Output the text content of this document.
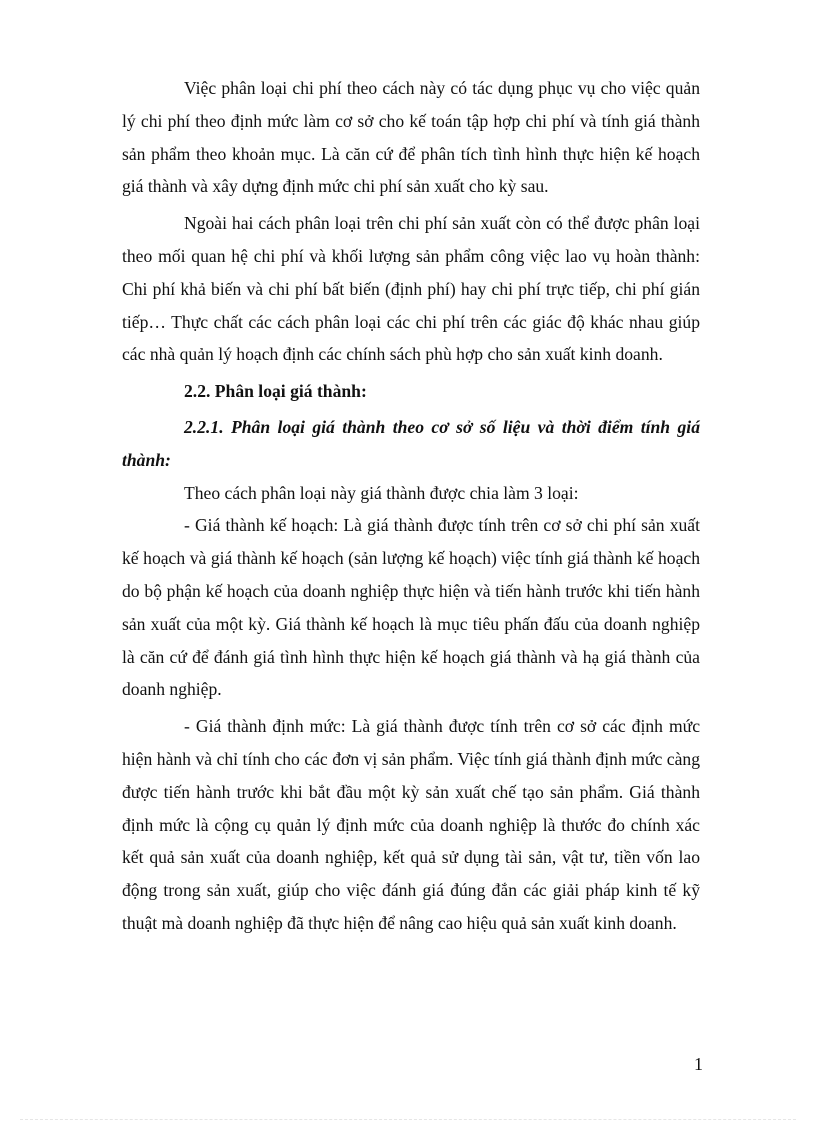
Việc phân loại chi phí theo cách này có tác dụng phục vụ cho việc quản lý chi phí theo định mức làm cơ sở cho kế toán tập hợp chi phí và tính giá thành sản phẩm theo khoản mục. Là căn cứ để phân tích tình hình thực hiện kế hoạch giá thành và xây dựng định mức chi phí sản xuất cho kỳ sau.

Ngoài hai cách phân loại trên chi phí sản xuất còn có thể được phân loại theo mối quan hệ chi phí và khối lượng sản phẩm công việc lao vụ hoàn thành: Chi phí khả biến và chi phí bất biến (định phí) hay chi phí trực tiếp, chi phí gián tiếp… Thực chất các cách phân loại các chi phí trên các giác độ khác nhau giúp các nhà quản lý hoạch định các chính sách phù hợp cho sản xuất kinh doanh.

2.2. Phân loại giá thành:

2.2.1. Phân loại giá thành theo cơ sở số liệu và thời điểm tính giá thành:

Theo cách phân loại này giá thành được chia làm 3 loại:

- Giá thành kế hoạch: Là giá thành được tính trên cơ sở chi phí sản xuất kế hoạch và giá thành kế hoạch (sản lượng kế hoạch) việc tính giá thành kế hoạch do bộ phận kế hoạch của doanh nghiệp thực hiện và tiến hành trước khi tiến hành sản xuất của một kỳ. Giá thành kế hoạch là mục tiêu phấn đấu của doanh nghiệp là căn cứ để đánh giá tình hình thực hiện kế hoạch giá thành và hạ giá thành của doanh nghiệp.

- Giá thành định mức: Là giá thành được tính trên cơ sở các định mức hiện hành và chỉ tính cho các đơn vị sản phẩm. Việc tính giá thành định mức càng được tiến hành trước khi bắt đầu một kỳ sản xuất chế tạo sản phẩm. Giá thành định mức là cộng cụ quản lý định mức của doanh nghiệp là thước đo chính xác kết quả sản xuất của doanh nghiệp, kết quả sử dụng tài sản, vật tư, tiền vốn lao động trong sản xuất, giúp cho việc đánh giá đúng đắn các giải pháp kinh tế kỹ thuật mà doanh nghiệp đã thực hiện để nâng cao hiệu quả sản xuất kinh doanh.

1
